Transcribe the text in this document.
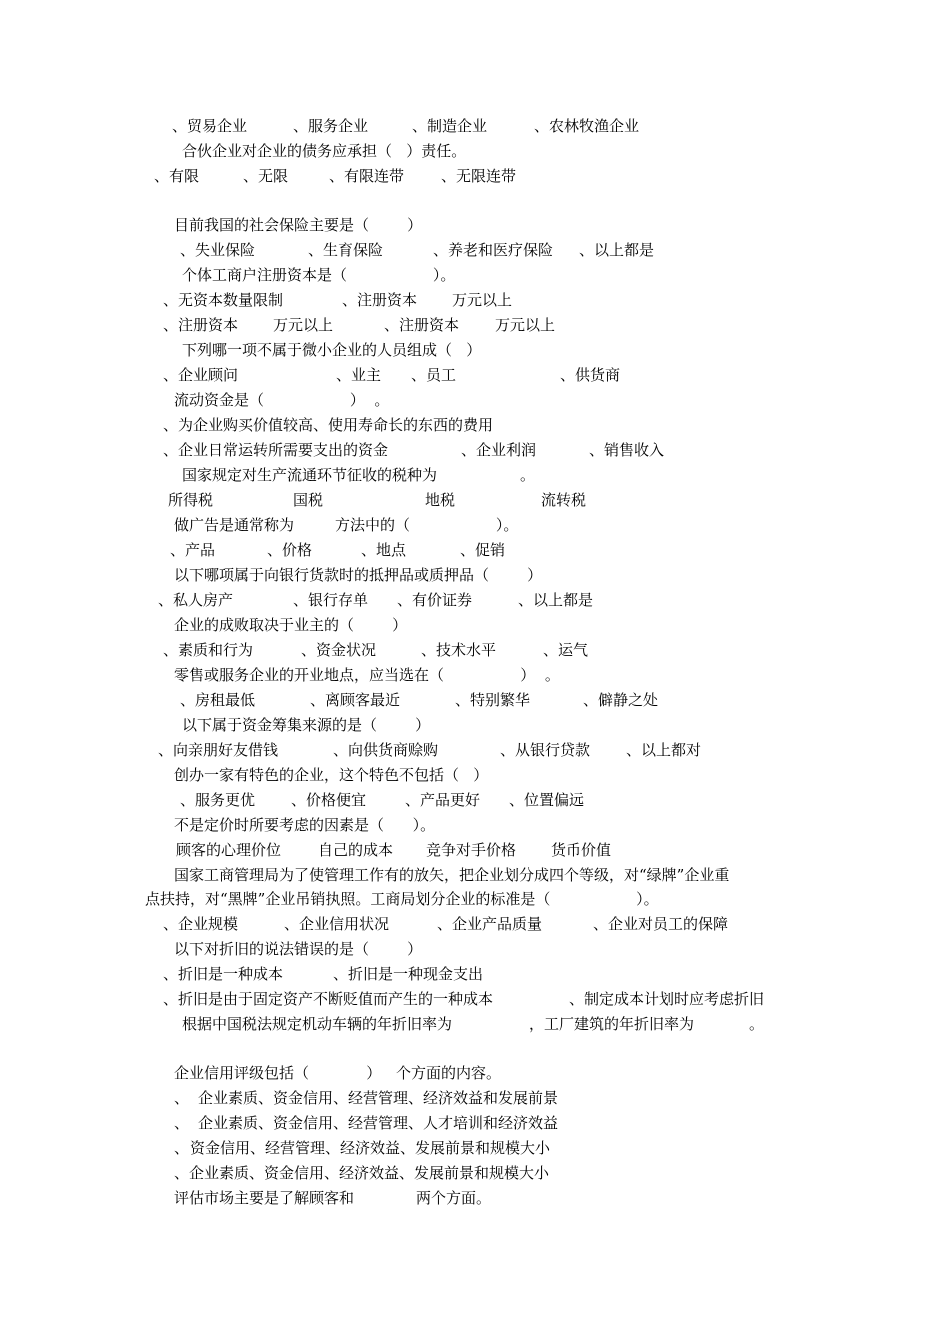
、贸易企业	、服务企业	、制造企业	、农林牧渔企业
合伙企业对企业的债务应承担（   ）责任。
、有限	、无限	、有限连带 、无限连带
目前我国的社会保险主要是（        ）
、失业保险	、生育保险	、养老和医疗保险 、以上都是
个体工商户注册资本是（                  ）。
、无资本数量限制	、注册资本 万元以上
、注册资本 万元以上	、注册资本 万元以上
下列哪一项不属于微小企业的人员组成（   ）
、企业顾问	、业主 、员工	、供货商
流动资金是（                  ）  。
、为企业购买价值较高、使用寿命长的东西的费用
、企业日常运转所需要支出的资金	、企业利润	、销售收入
国家规定对生产流通环节征收的税种为	。
所得税	国税	地税	流转税
做广告是通常称为	方法中的（                  ）。
、产品	、价格	、地点	、促销
以下哪项属于向银行货款时的抵押品或质押品（        ）
、私人房产	、银行存单 、有价证券	、以上都是
企业的成败取决于业主的（        ）
、素质和行为	、资金状况	、技术水平	、运气
零售或服务企业的开业地点，应当选在（                ）  。
、房租最低	、离顾客最近	、特别繁华	、僻静之处
以下属于资金筹集来源的是（        ）
、向亲朋好友借钱	、向供货商赊购	、从银行贷款 、以上都对
创办一家有特色的企业，这个特色不包括（   ）
、服务更优 、价格便宜	、产品更好 、位置偏远
不是定价时所要考虑的因素是（      ）。
顾客的心理价位 自己的成本 竞争对手价格 货币价值
国家工商管理局为了使管理工作有的放矢，把企业划分成四个等级，对“绿牌”企业重
点扶持，对“黑牌”企业吊销执照。工商局划分企业的标准是（                  ）。
、企业规模	、企业信用状况	、企业产品质量	、企业对员工的保障
以下对折旧的说法错误的是（        ）
、折旧是一种成本	、折旧是一种现金支出
、折旧是由于固定资产不断贬值而产生的一种成本	、制定成本计划时应考虑折旧
根据中国税法规定机动车辆的年折旧率为	，工厂建筑的年折旧率为	。
企业信用评级包括（            ） 个方面的内容。
、 企业素质、资金信用、经营管理、经济效益和发展前景
、 企业素质、资金信用、经营管理、人才培训和经济效益
、 资金信用、经营管理、经济效益、发展前景和规模大小
、企业素质、资金信用、经济效益、发展前景和规模大小
评估市场主要是了解顾客和	两个方面。
